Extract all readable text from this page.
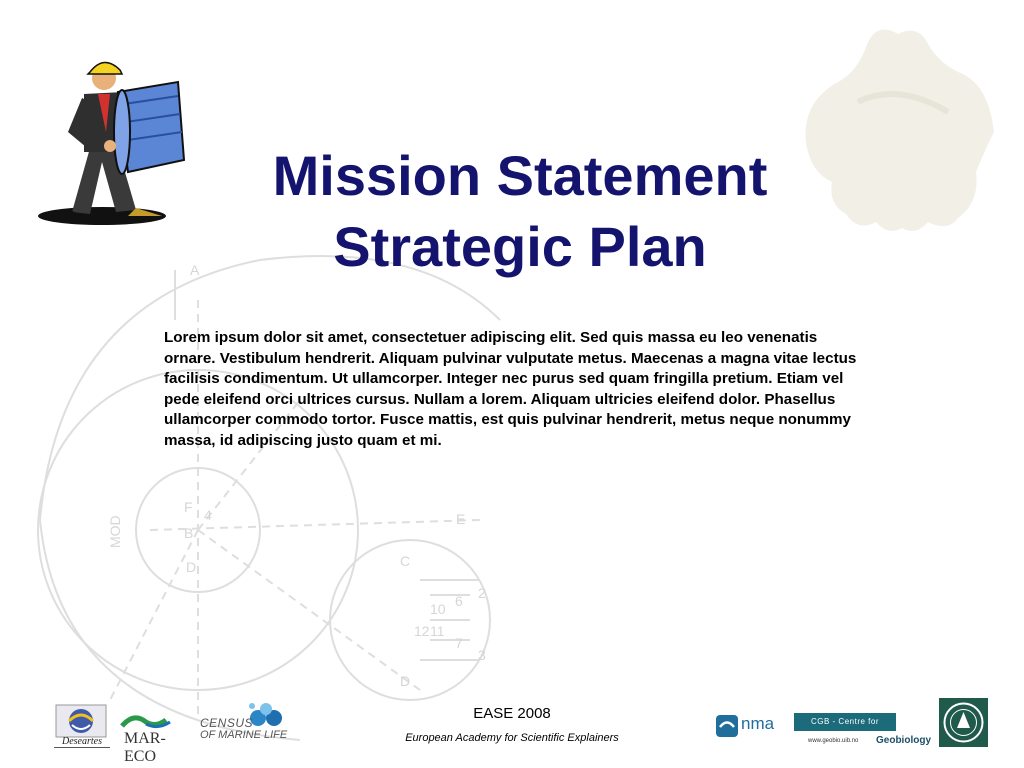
A
E
F
B
D	C
D
MOD
2
3
6
7
10
11
12
4
Mission Statement
Strategic Plan
Lorem ipsum dolor sit amet, consectetuer adipiscing elit. Sed quis massa eu leo venenatis ornare. Vestibulum hendrerit. Aliquam pulvinar vulputate metus. Maecenas a magna vitae lectus facilisis condimentum. Ut ullamcorper. Integer nec purus sed quam fringilla pretium. Etiam vel pede eleifend orci ultrices cursus. Nullam a lorem. Aliquam ultricies eleifend dolor. Phasellus ullamcorper commodo tortor. Fusce mattis, est quis pulvinar hendrerit, metus neque nonummy massa, id adipiscing justo quam et mi.
EASE 2008
European Academy for Scientific Explainers
Deseartes	MAR-ECO
CENSUS
OF MARINE LIFE
nma	CGB - Centre for
www.geobio.uib.no Geobiology
